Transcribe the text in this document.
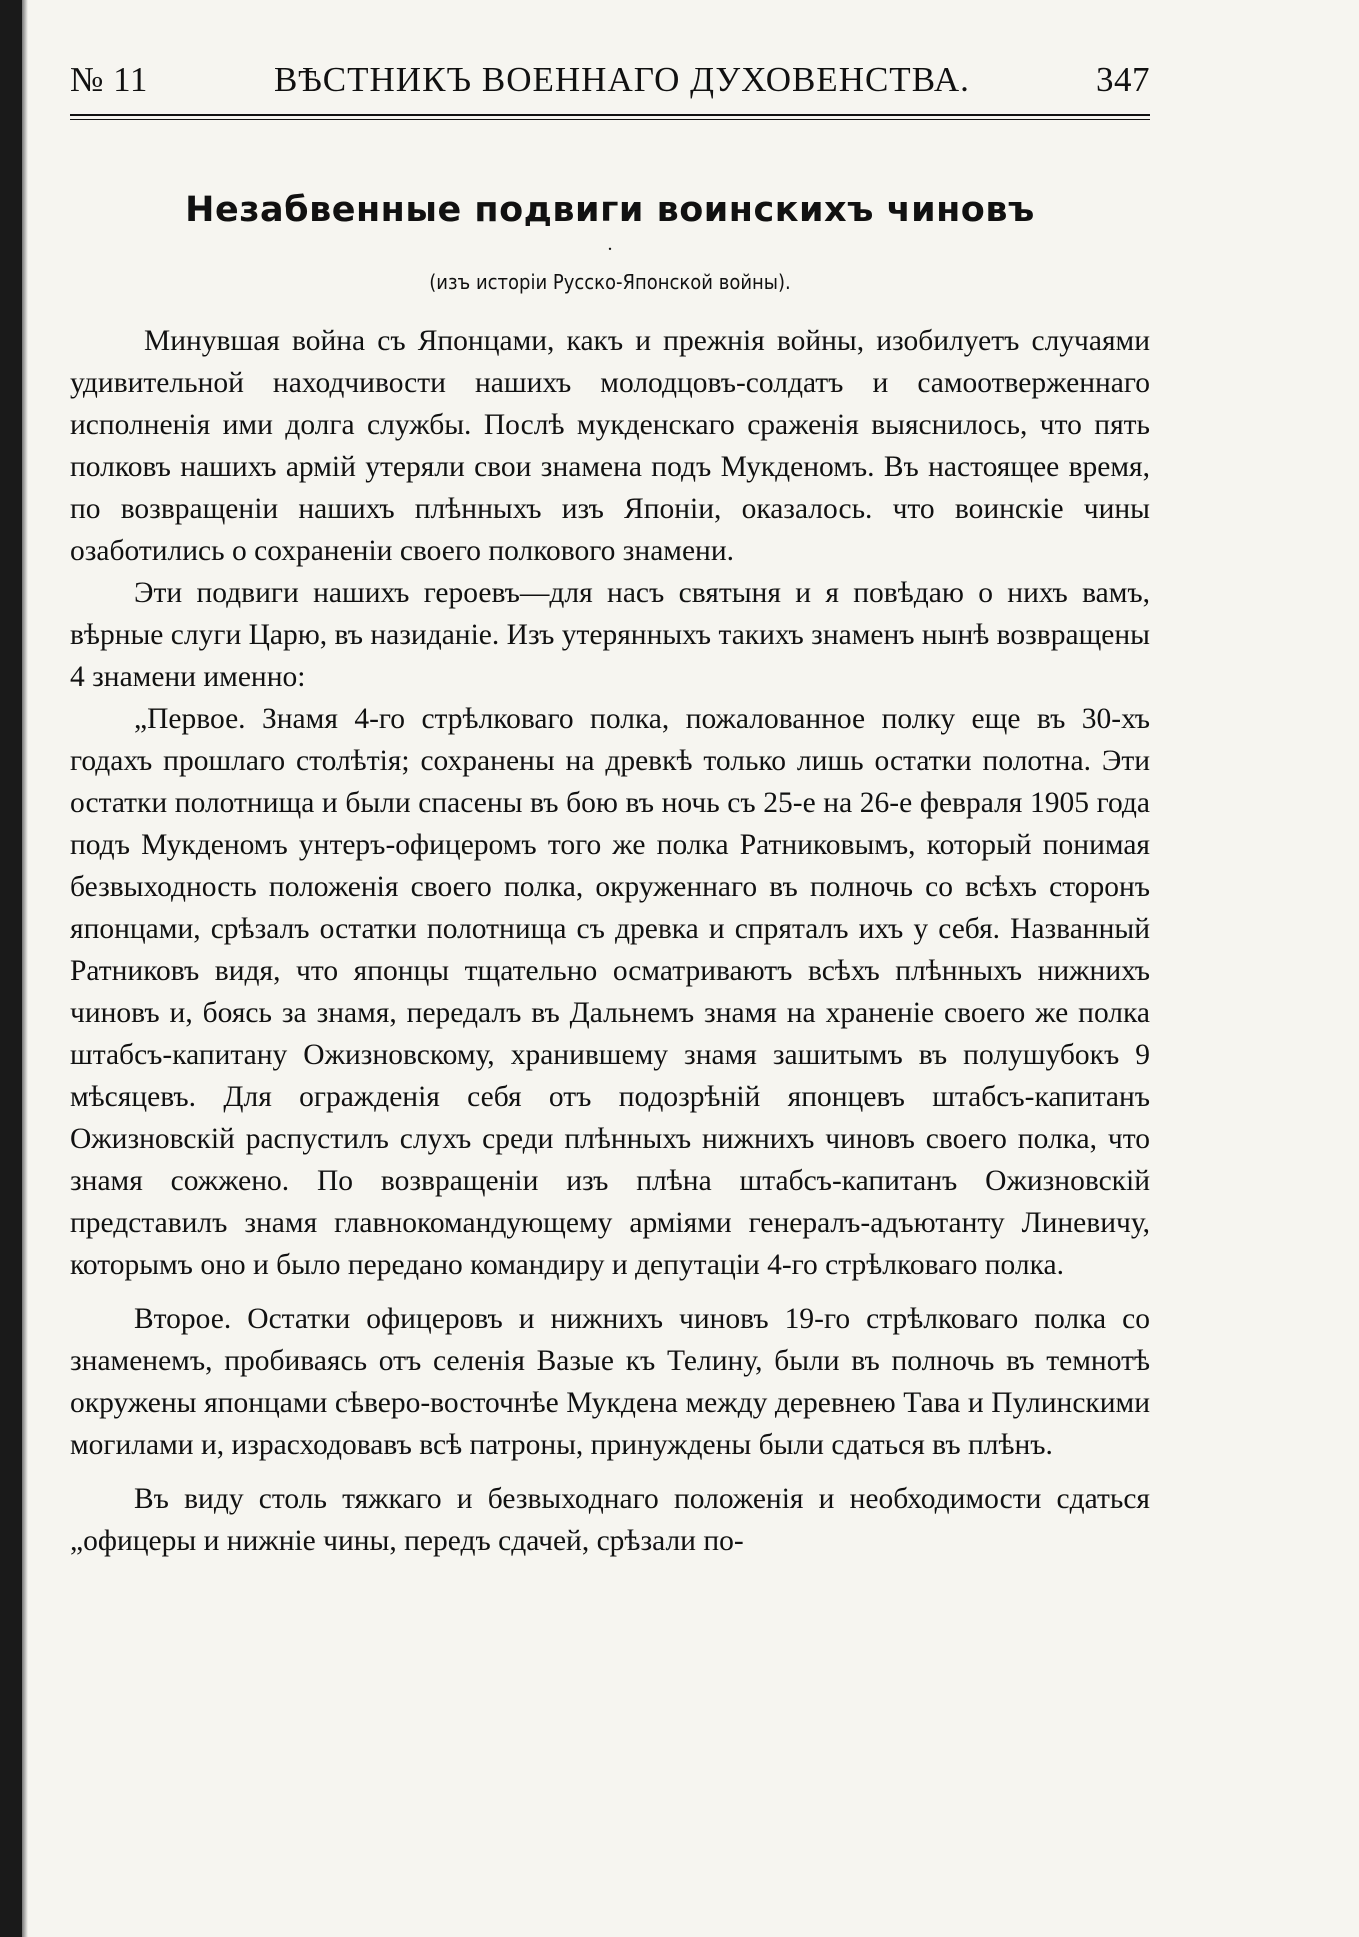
№ 11	ВѢСТНИКЪ ВОЕННАГО ДУХОВЕНСТВА.	347
Незабвенные подвиги воинскихъ чиновъ
.
(изъ исторіи Русско-Японской войны).

Минувшая война съ Японцами, какъ и прежнія войны, изобилуетъ случаями удивительной находчивости нашихъ молодцовъ-солдатъ и самоотверженнаго исполненія ими долга службы. Послѣ мукденскаго сраженія выяснилось, что пять полковъ нашихъ армій утеряли свои знамена подъ Мукденомъ. Въ настоящее время, по возвращеніи нашихъ плѣнныхъ изъ Японіи, оказалось. что воинскіе чины озаботились о сохраненіи своего полкового знамени.

Эти подвиги нашихъ героевъ—для насъ святыня и я повѣдаю о нихъ вамъ, вѣрные слуги Царю, въ назиданіе. Изъ утерянныхъ такихъ знаменъ нынѣ возвращены 4 знамени именно:

„Первое. Знамя 4-го стрѣлковаго полка, пожалованное полку еще въ 30-хъ годахъ прошлаго столѣтія; сохранены на древкѣ только лишь остатки полотна. Эти остатки полотнища и были спасены въ бою въ ночь съ 25-е на 26-е февраля 1905 года подъ Мукденомъ унтеръ-офицеромъ того же полка Ратниковымъ, который понимая безвыходность положенія своего полка, окруженнаго въ полночь со всѣхъ сторонъ японцами, срѣзалъ остатки полотнища съ древка и спряталъ ихъ у себя. Названный Ратниковъ видя, что японцы тщательно осматриваютъ всѣхъ плѣнныхъ нижнихъ чиновъ и, боясь за знамя, передалъ въ Дальнемъ знамя на храненіе своего же полка штабсъ-капитану Ожизновскому, хранившему знамя зашитымъ въ полушубокъ 9 мѣсяцевъ. Для огражденія себя отъ подозрѣній японцевъ штабсъ-капитанъ Ожизновскій распустилъ слухъ среди плѣнныхъ нижнихъ чиновъ своего полка, что знамя сожжено. По возвращеніи изъ плѣна штабсъ-капитанъ Ожизновскій представилъ знамя главнокомандующему арміями генералъ-адъютанту Линевичу, которымъ оно и было передано командиру и депутаціи 4-го стрѣлковаго полка.

Второе. Остатки офицеровъ и нижнихъ чиновъ 19-го стрѣлковаго полка со знаменемъ, пробиваясь отъ селенія Вазые къ Телину, были въ полночь въ темнотѣ окружены японцами сѣверо-восточнѣе Мукдена между деревнею Тава и Пулинскими могилами и, израсходовавъ всѣ патроны, принуждены были сдаться въ плѣнъ.

Въ виду столь тяжкаго и безвыходнаго положенія и необходимости сдаться „офицеры и нижніе чины, передъ сдачей, срѣзали по-
